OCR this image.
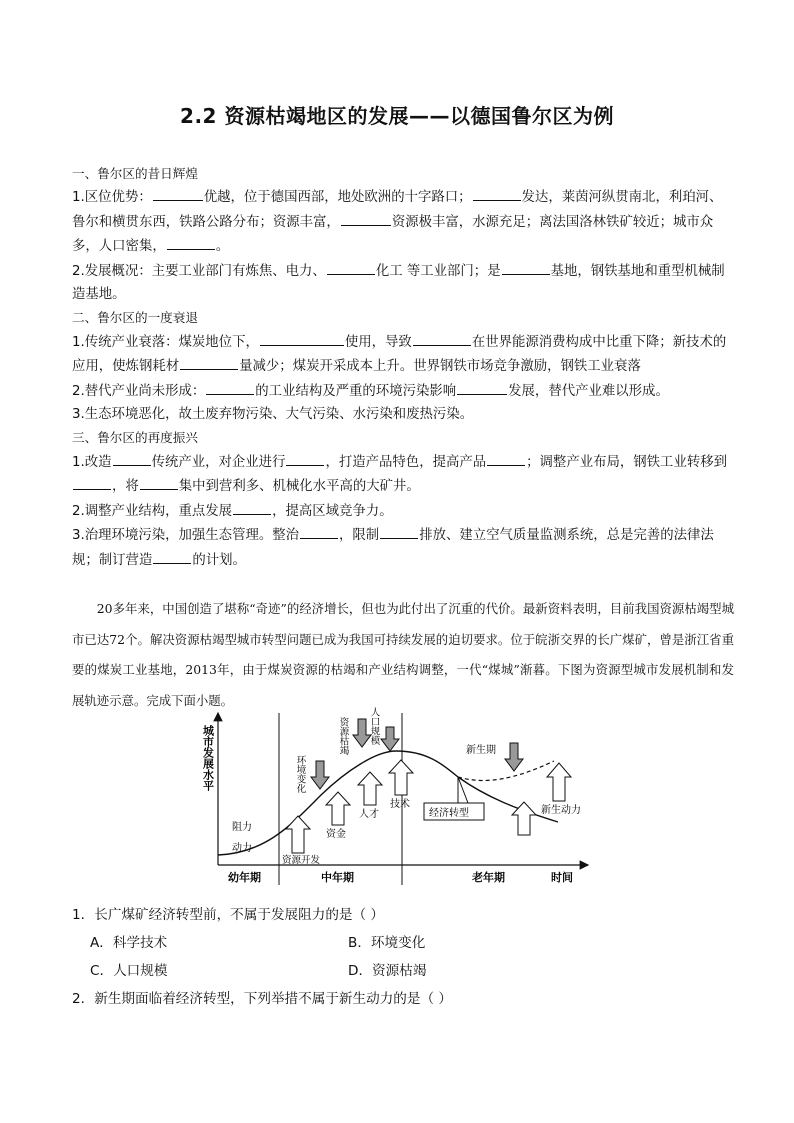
2.2 资源枯竭地区的发展——以德国鲁尔区为例

一、鲁尔区的昔日辉煌

1.区位优势：	优越，位于德国西部，地处欧洲的十字路口；	发达，莱茵河纵贯南北，利珀河、鲁尔和横贯东西，铁路公路分布；资源丰富，	资源极丰富，水源充足；离法国洛林铁矿较近；城市众多，人口密集，	。

2.发展概况：主要工业部门有炼焦、电力、	化工 等工业部门；是	基地，钢铁基地和重型机械制造基地。

二、鲁尔区的一度衰退

1.传统产业衰落：煤炭地位下，	使用，导致	在世界能源消费构成中比重下降；新技术的应用，使炼钢耗材	量减少；煤炭开采成本上升。世界钢铁市场竞争激励，钢铁工业衰落

2.替代产业尚未形成：	的工业结构及严重的环境污染影响	发展，替代产业难以形成。

3.生态环境恶化，故土废弃物污染、大气污染、水污染和废热污染。

三、鲁尔区的再度振兴

1.改造	传统产业，对企业进行	，打造产品特色，提高产品	；调整产业布局，钢铁工业转移到，将	集中到营利多、机械化水平高的大矿井。

2.调整产业结构，重点发展	，提高区域竞争力。

3.治理环境污染，加强生态管理。整治	，限制	排放、建立空气质量监测系统，总是完善的法律法规；制订营造	的计划。

20多年来，中国创造了堪称“奇迹”的经济增长，但也为此付出了沉重的代价。最新资料表明，目前我国资源枯竭型城市已达72个。解决资源枯竭型城市转型问题已成为我国可持续发展的迫切要求。位于皖浙交界的长广煤矿，曾是浙江省重要的煤炭工业基地，2013年，由于煤炭资源的枯竭和产业结构调整，一代“煤城”渐暮。下图为资源型城市发展机制和发展轨迹示意。完成下面小题。

城市发展水平
时间
幼年期	中年期	老年期
阻力
动力
资源开发
资金
人才
技术
环境变化
资源枯竭 人口规模
新生期
新生动力
经济转型
1．长广煤矿经济转型前，不属于发展阻力的是（ ）
A．科学技术	B．环境变化
C．人口规模	D．资源枯竭
2．新生期面临着经济转型，下列举措不属于新生动力的是（ ）
